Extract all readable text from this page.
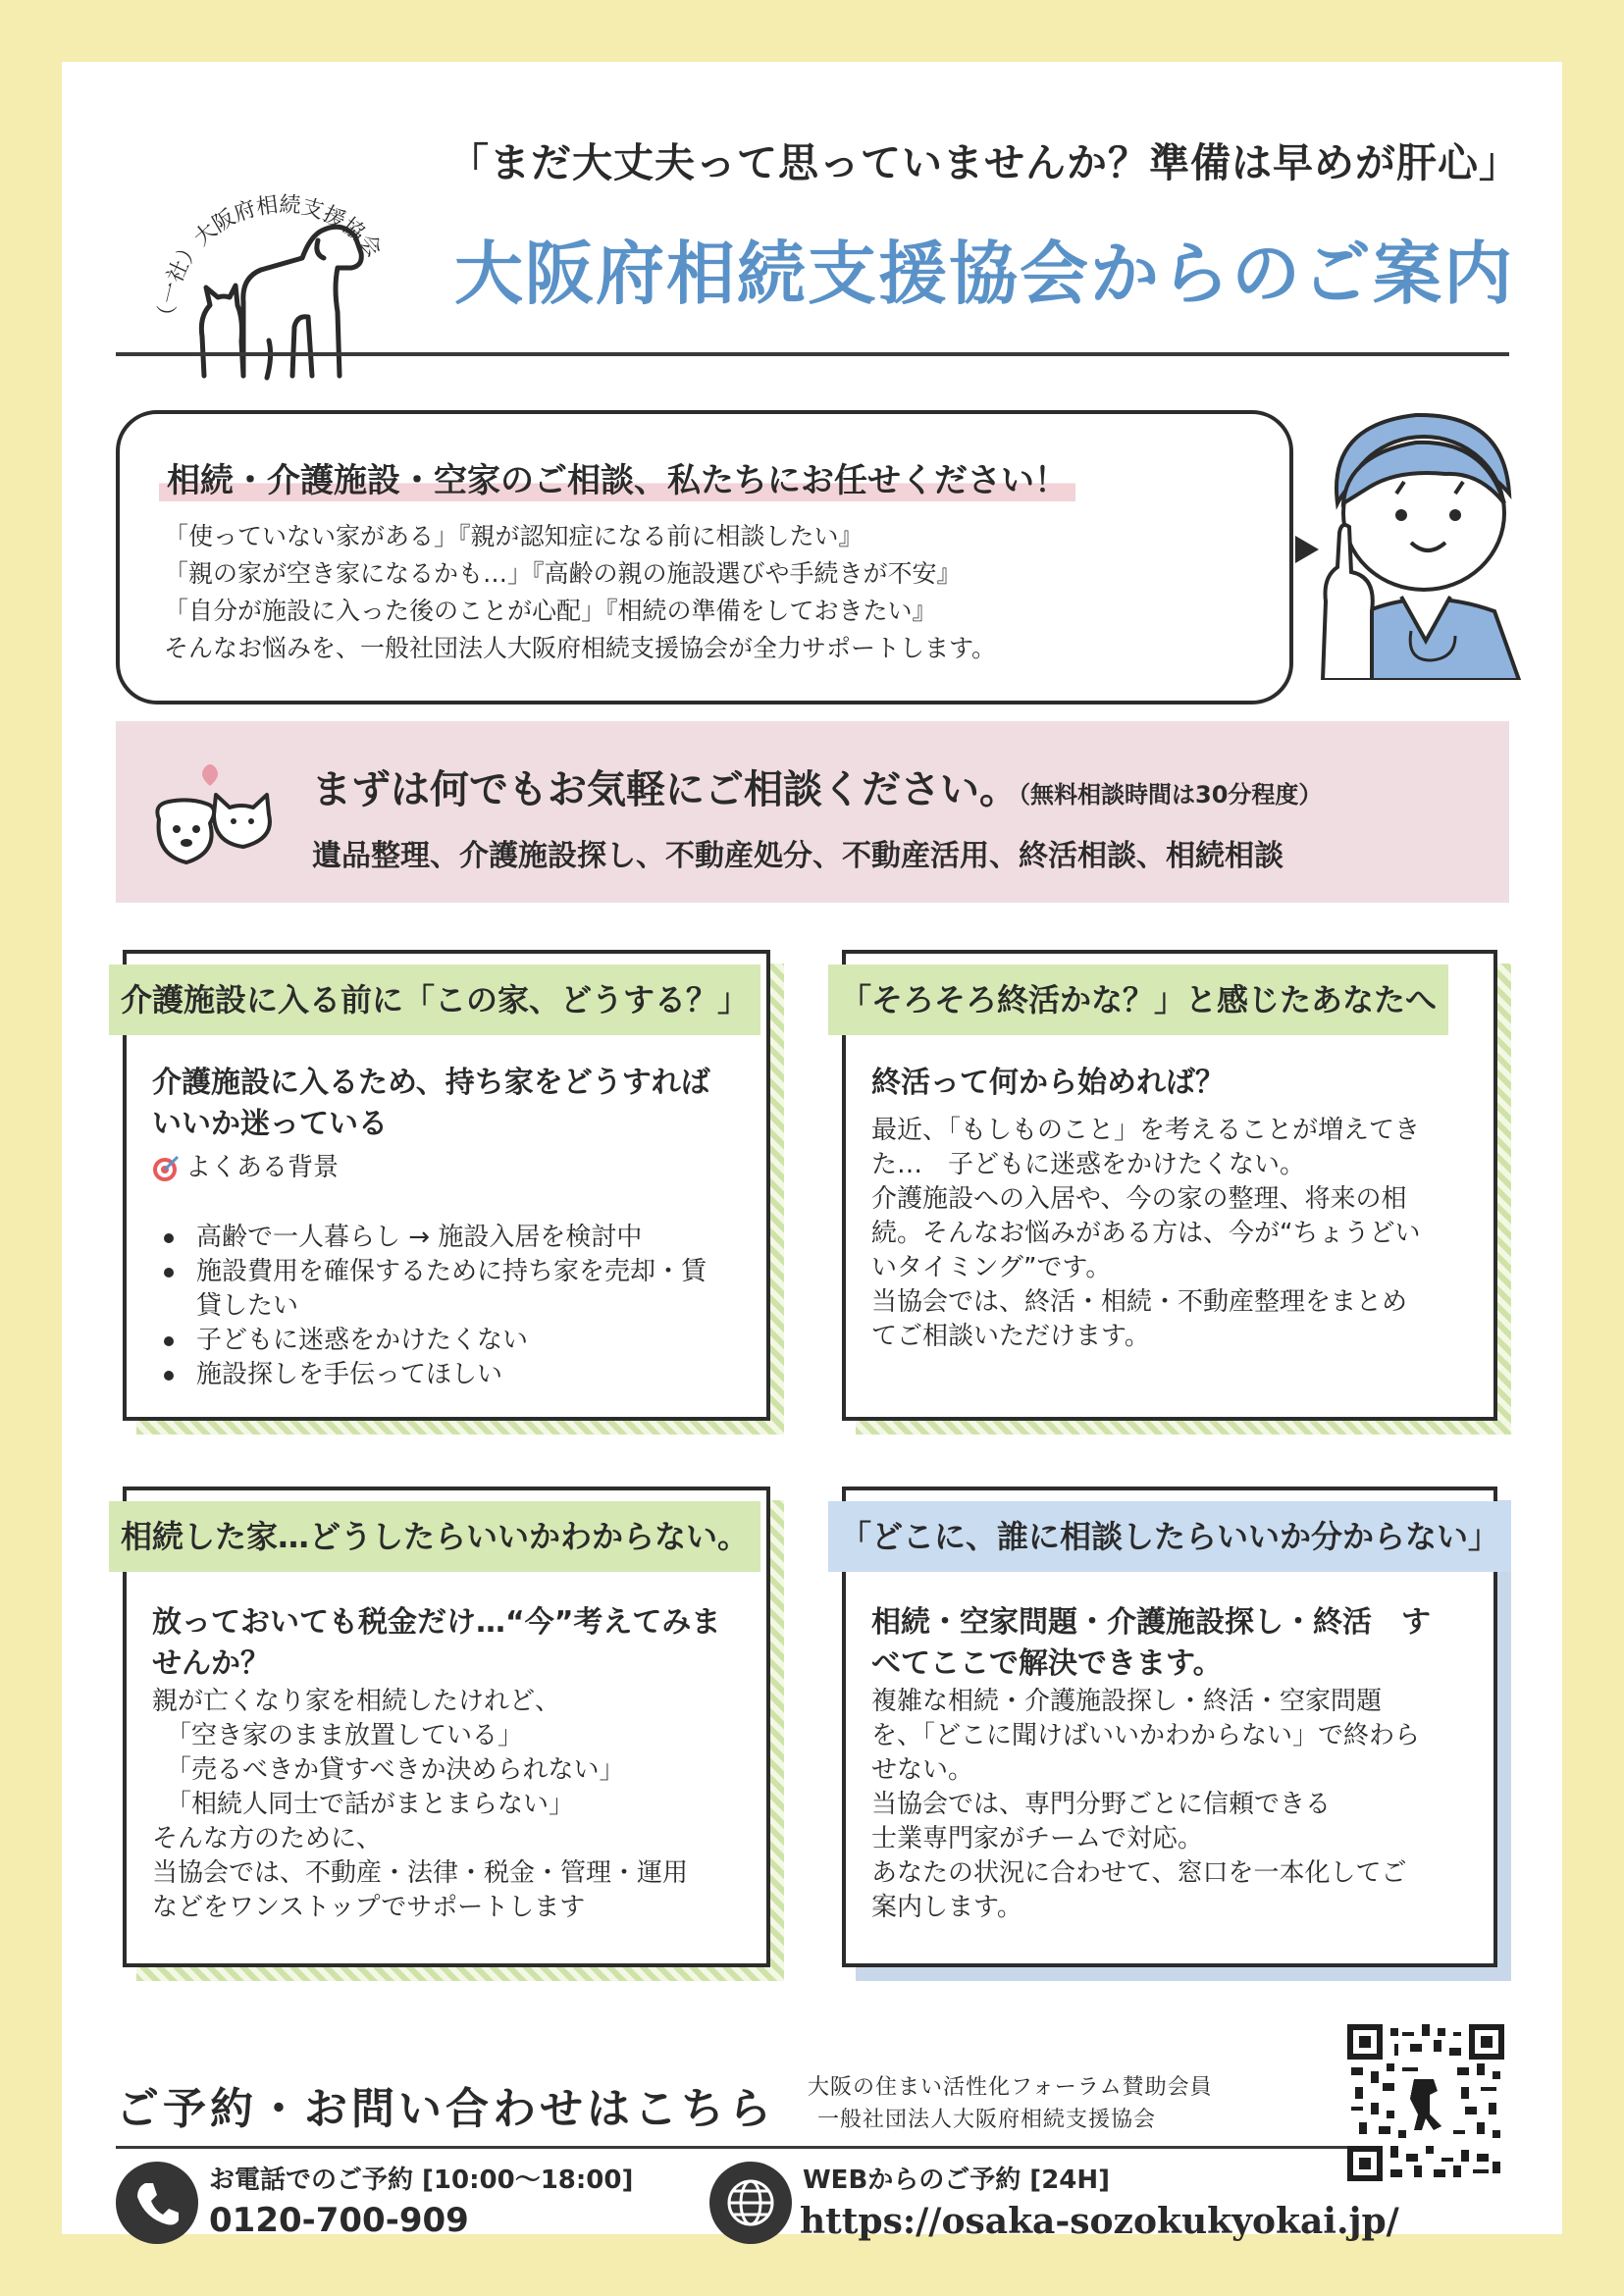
（一社）大阪府相続支援協会
「まだ大丈夫って思っていませんか？準備は早めが肝心」
大阪府相続支援協会からのご案内
相続・介護施設・空家のご相談、私たちにお任せください！
「使っていない家がある」『親が認知症になる前に相談したい』
「親の家が空き家になるかも…」『高齢の親の施設選びや手続きが不安』
「自分が施設に入った後のことが心配」『相続の準備をしておきたい』
そんなお悩みを、一般社団法人大阪府相続支援協会が全力サポートします。
まずは何でもお気軽にご相談ください。（無料相談時間は30分程度）
遺品整理、介護施設探し、不動産処分、不動産活用、終活相談、相続相談
介護施設に入る前に「この家、どうする？」
介護施設に入るため、持ち家をどうすれば
いいか迷っている
よくある背景
高齢で一人暮らし → 施設入居を検討中
施設費用を確保するために持ち家を売却・賃
貸したい
子どもに迷惑をかけたくない
施設探しを手伝ってほしい
「そろそろ終活かな？」と感じたあなたへ
終活って何から始めれば？
最近、「もしものこと」を考えることが増えてき
た…　子どもに迷惑をかけたくない。
介護施設への入居や、今の家の整理、将来の相
続。そんなお悩みがある方は、今が“ちょうどい
いタイミング”です。
当協会では、終活・相続・不動産整理をまとめ
てご相談いただけます。
相続した家…どうしたらいいかわからない。
放っておいても税金だけ…“今”考えてみま
せんか？
親が亡くなり家を相続したけれど、
「空き家のまま放置している」
「売るべきか貸すべきか決められない」
「相続人同士で話がまとまらない」
そんな方のために、
当協会では、不動産・法律・税金・管理・運用
などをワンストップでサポートします
「どこに、誰に相談したらいいか分からない」
相続・空家問題・介護施設探し・終活　す
べてここで解決できます。
複雑な相続・介護施設探し・終活・空家問題
を、「どこに聞けばいいかわからない」で終わら
せない。
当協会では、専門分野ごとに信頼できる
士業専門家がチームで対応。
あなたの状況に合わせて、窓口を一本化してご
案内します。
ご予約・お問い合わせはこちら 大阪の住まい活性化フォーラム賛助会員
一般社団法人大阪府相続支援協会
お電話でのご予約 [10:00〜18:00]
0120-700-909
WEBからのご予約 [24H]
https://osaka-sozokukyokai.jp/
